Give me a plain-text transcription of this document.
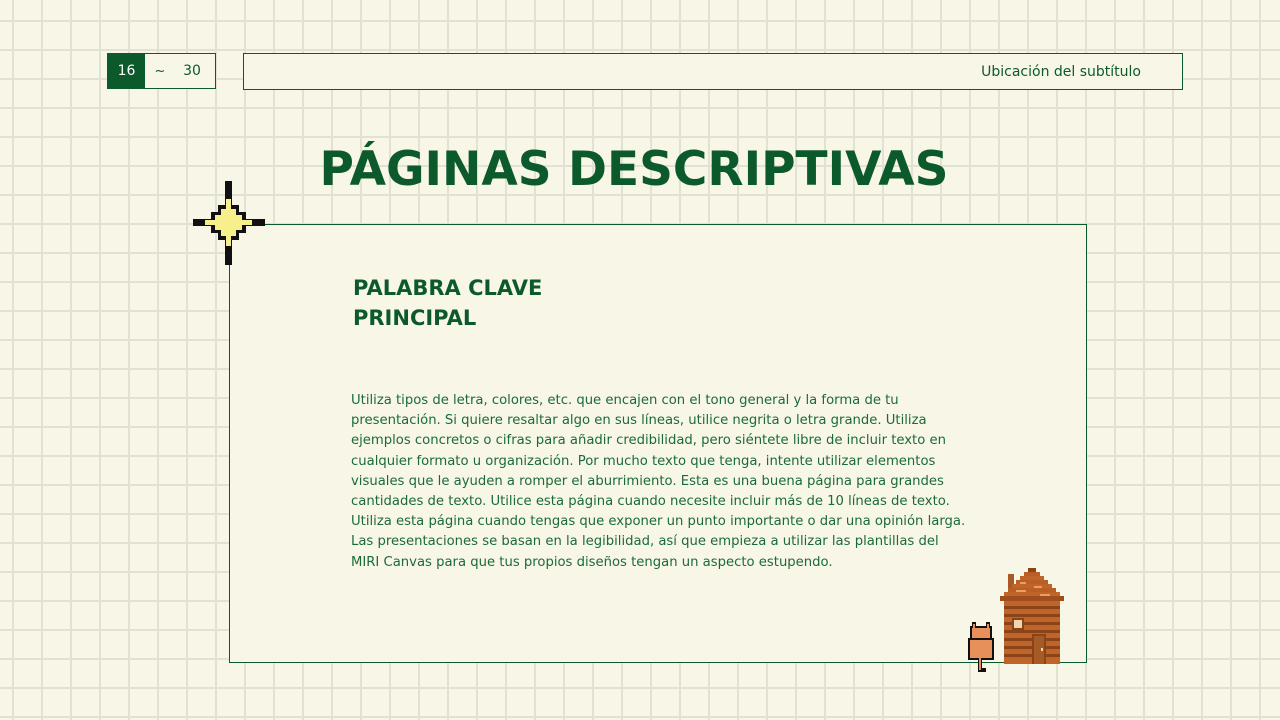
16	~	30	Ubicación del subtítulo
PÁGINAS DESCRIPTIVAS
PALABRA CLAVE
PRINCIPAL

Utiliza tipos de letra, colores, etc. que encajen con el tono general y la forma de tu presentación. Si quiere resaltar algo en sus líneas, utilice negrita o letra grande. Utiliza ejemplos concretos o cifras para añadir credibilidad, pero siéntete libre de incluir texto en cualquier formato u organización. Por mucho texto que tenga, intente utilizar elementos visuales que le ayuden a romper el aburrimiento. Esta es una buena página para grandes cantidades de texto. Utilice esta página cuando necesite incluir más de 10 líneas de texto. Utiliza esta página cuando tengas que exponer un punto importante o dar una opinión larga. Las presentaciones se basan en la legibilidad, así que empieza a utilizar las plantillas del MIRI Canvas para que tus propios diseños tengan un aspecto estupendo.
